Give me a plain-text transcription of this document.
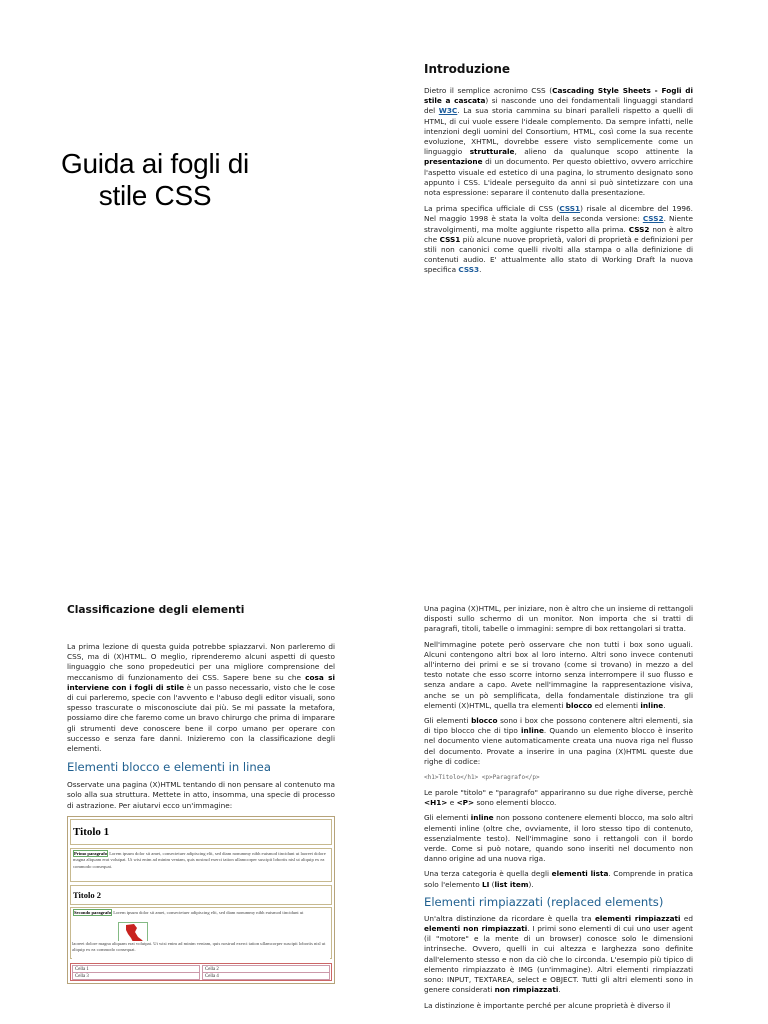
Guida ai fogli di stile CSS
Introduzione

Dietro il semplice acronimo CSS (Cascading Style Sheets - Fogli di stile a cascata) si nasconde uno dei fondamentali linguaggi standard del W3C. La sua storia cammina su binari paralleli rispetto a quelli di HTML, di cui vuole essere l'ideale complemento. Da sempre infatti, nelle intenzioni degli uomini del Consortium, HTML, così come la sua recente evoluzione, XHTML, dovrebbe essere visto semplicemente come un linguaggio strutturale, alieno da qualunque scopo attinente la presentazione di un documento. Per questo obiettivo, ovvero arricchire l'aspetto visuale ed estetico di una pagina, lo strumento designato sono appunto i CSS. L'ideale perseguito da anni si può sintetizzare con una nota espressione: separare il contenuto dalla presentazione.

La prima specifica ufficiale di CSS (CSS1) risale al dicembre del 1996. Nel maggio 1998 è stata la volta della seconda versione: CSS2. Niente stravolgimenti, ma molte aggiunte rispetto alla prima. CSS2 non è altro che CSS1 più alcune nuove proprietà, valori di proprietà e definizioni per stili non canonici come quelli rivolti alla stampa o alla definizione di contenuti audio. E' attualmente allo stato di Working Draft la nuova specifica CSS3.

Classificazione degli elementi

La prima lezione di questa guida potrebbe spiazzarvi. Non parleremo di CSS, ma di (X)HTML. O meglio, riprenderemo alcuni aspetti di questo linguaggio che sono propedeutici per una migliore comprensione del meccanismo di funzionamento dei CSS. Sapere bene su che cosa si interviene con i fogli di stile è un passo necessario, visto che le cose di cui parleremo, specie con l'avvento e l'abuso degli editor visuali, sono spesso trascurate o misconosciute dai più. Se mi passate la metafora, possiamo dire che faremo come un bravo chirurgo che prima di imparare gli strumenti deve conoscere bene il corpo umano per operare con successo e senza fare danni. Inizieremo con la classificazione degli elementi.

Elementi blocco e elementi in linea

Osservate una pagina (X)HTML tentando di non pensare al contenuto ma solo alla sua struttura. Mettete in atto, insomma, una specie di processo di astrazione. Per aiutarvi ecco un'immagine:

Titolo 1
Primo paragrafo Lorem ipsum dolor sit amet, consectetuer adipiscing elit, sed diam nonummy nibh euismod tincidunt ut laoreet dolore magna aliquam erat volutpat. Ut wisi enim ad minim veniam, quis nostrud exerci tation ullamcorper suscipit lobortis nisl ut aliquip ex ea commodo consequat.
Titolo 2
Secondo paragrafo Lorem ipsum dolor sit amet, consectetuer adipiscing elit, sed diam nonummy nibh euismod tincidunt ut
laoreet dolore magna aliquam erat volutpat. Ut wisi enim ad minim veniam, quis nostrud exerci tation ullamcorper suscipit lobortis nisl ut aliquip ex ea commodo consequat.
Cella 1	Cella 2
Cella 3	Cella 4

Una pagina (X)HTML, per iniziare, non è altro che un insieme di rettangoli disposti sullo schermo di un monitor. Non importa che si tratti di paragrafi, titoli, tabelle o immagini: sempre di box rettangolari si tratta.

Nell'immagine potete però osservare che non tutti i box sono uguali. Alcuni contengono altri box al loro interno. Altri sono invece contenuti all'interno dei primi e se si trovano (come si trovano) in mezzo a del testo notate che esso scorre intorno senza interrompere il suo flusso e senza andare a capo. Avete nell'immagine la rappresentazione visiva, anche se un pò semplificata, della fondamentale distinzione tra gli elementi (X)HTML, quella tra elementi blocco ed elementi inline.

Gli elementi blocco sono i box che possono contenere altri elementi, sia di tipo blocco che di tipo inline. Quando un elemento blocco è inserito nel documento viene automaticamente creata una nuova riga nel flusso del documento. Provate a inserire in una pagina (X)HTML queste due righe di codice:

<h1>Titolo</h1> <p>Paragrafo</p>

Le parole "titolo" e "paragrafo" appariranno su due righe diverse, perchè <H1> e <P> sono elementi blocco.

Gli elementi inline non possono contenere elementi blocco, ma solo altri elementi inline (oltre che, ovviamente, il loro stesso tipo di contenuto, essenzialmente testo). Nell'immagine sono i rettangoli con il bordo verde. Come si può notare, quando sono inseriti nel documento non danno origine ad una nuova riga.

Una terza categoria è quella degli elementi lista. Comprende in pratica solo l'elemento LI (list item).

Elementi rimpiazzati (replaced elements)

Un'altra distinzione da ricordare è quella tra elementi rimpiazzati ed elementi non rimpiazzati. I primi sono elementi di cui uno user agent (il "motore" e la mente di un browser) conosce solo le dimensioni intrinseche. Ovvero, quelli in cui altezza e larghezza sono definite dall'elemento stesso e non da ciò che lo circonda. L'esempio più tipico di elemento rimpiazzato è IMG (un'immagine). Altri elementi rimpiazzati sono: INPUT, TEXTAREA, select e OBJECT. Tutti gli altri elementi sono in genere considerati non rimpiazzati.

La distinzione è importante perché per alcune proprietà è diverso il
